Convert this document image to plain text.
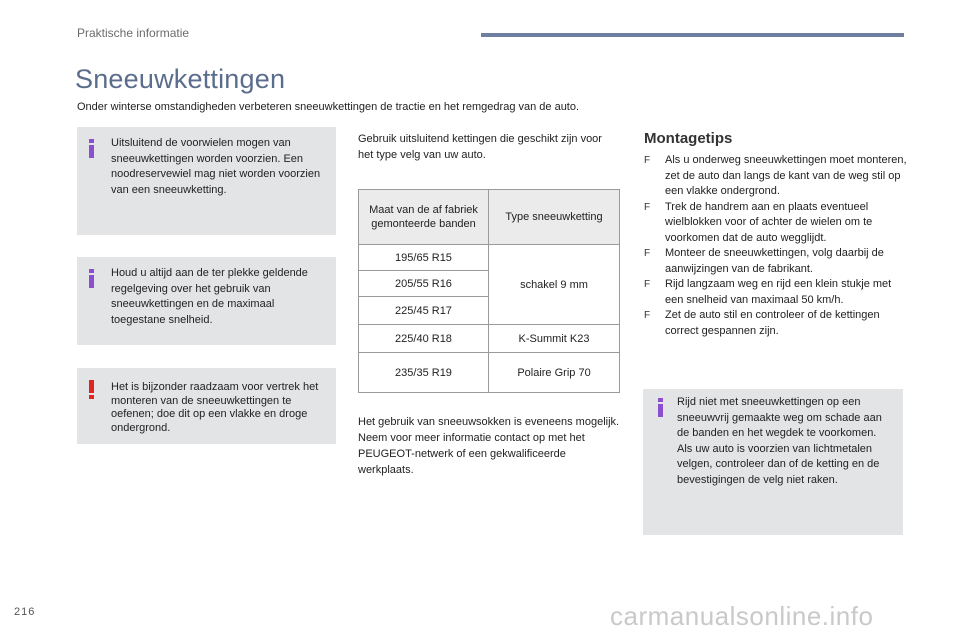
Praktische informatie
Sneeuwkettingen

Onder winterse omstandigheden verbeteren sneeuwkettingen de tractie en het remgedrag van de auto.

Uitsluitend de voorwielen mogen van sneeuwkettingen worden voorzien. Een noodreservewiel mag niet worden voorzien van een sneeuwketting.
Houd u altijd aan de ter plekke geldende regelgeving over het gebruik van sneeuwkettingen en de maximaal toegestane snelheid.
Het is bijzonder raadzaam voor vertrek het monteren van de sneeuwkettingen te oefenen; doe dit op een vlakke en droge ondergrond.

Gebruik uitsluitend kettingen die geschikt zijn voor het type velg van uw auto.

Maat van de af fabriek gemonteerde banden	Type sneeuwketting
195/65 R15	schakel 9 mm
205/55 R16	
225/45 R17	
225/40 R18	K-Summit K23
235/35 R19	Polaire Grip 70

Het gebruik van sneeuwsokken is eveneens mogelijk.

Neem voor meer informatie contact op met het PEUGEOT-netwerk of een gekwalificeerde werkplaats.

Montagetips
F Als u onderweg sneeuwkettingen moet monteren, zet de auto dan langs de kant van de weg stil op een vlakke ondergrond.
F Trek de handrem aan en plaats eventueel wielblokken voor of achter de wielen om te voorkomen dat de auto wegglijdt.
F Monteer de sneeuwkettingen, volg daarbij de aanwijzingen van de fabrikant.
F Rijd langzaam weg en rijd een klein stukje met een snelheid van maximaal 50 km/h.
F Zet de auto stil en controleer of de kettingen correct gespannen zijn.
Rijd niet met sneeuwkettingen op een sneeuwvrij gemaakte weg om schade aan de banden en het wegdek te voorkomen. Als uw auto is voorzien van lichtmetalen velgen, controleer dan of de ketting en de bevestigingen de velg niet raken.
216	carmanualsonline.info
